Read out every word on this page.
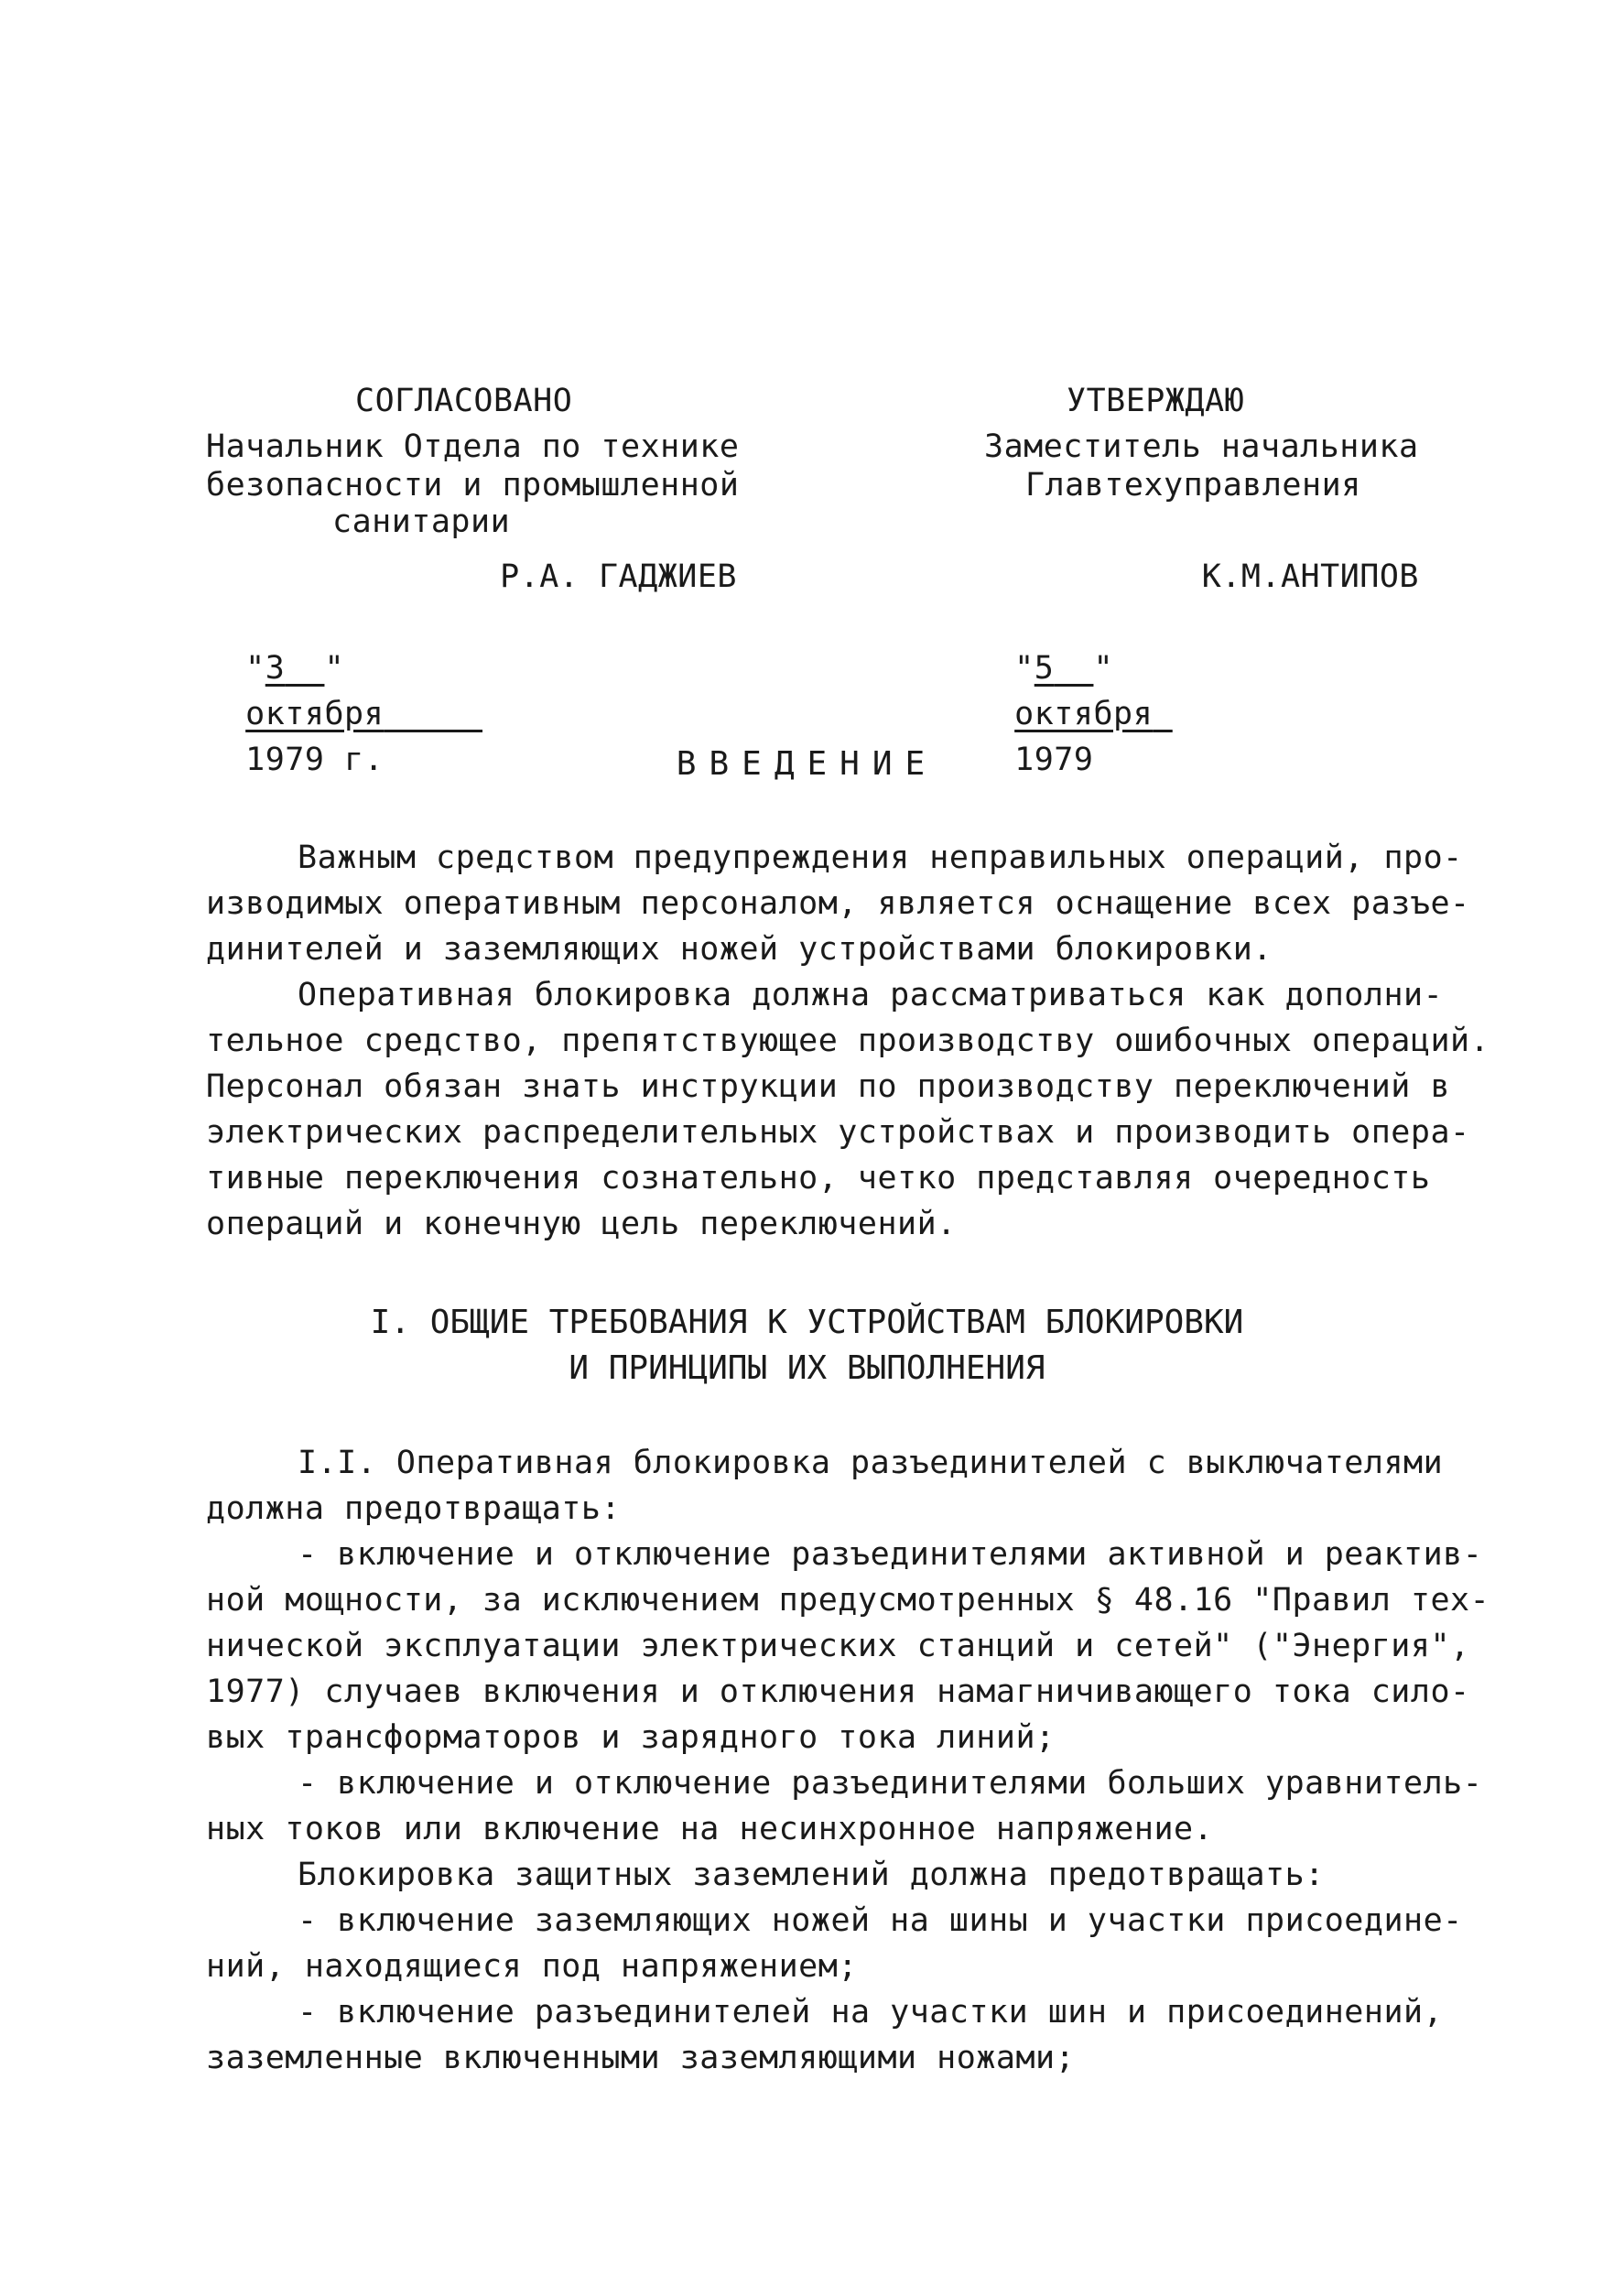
СОГЛАСОВАНО
Начальник Отдела по технике
безопасности и промышленной
санитарии
Р.А. ГАДЖИЕВ

"3 "
октября
1979 г.

УТВЕРЖДАЮ
Заместитель начальника
Главтехуправления
К.М.АНТИПОВ

"5 "
октября
1979

ВВЕДЕНИЕ
Важным средством предупреждения неправильных операций, про-
изводимых оперативным персоналом, является оснащение всех разъе-
динителей и заземляющих ножей устройствами блокировки.
Оперативная блокировка должна рассматриваться как дополни-
тельное средство, препятствующее производству ошибочных операций.
Персонал обязан знать инструкции по производству переключений в
электрических распределительных устройствах и производить опера-
тивные переключения сознательно, четко представляя очередность
операций и конечную цель переключений.
I. ОБЩИЕ ТРЕБОВАНИЯ К УСТРОЙСТВАМ БЛОКИРОВКИ
И ПРИНЦИПЫ ИХ ВЫПОЛНЕНИЯ
I.I. Оперативная блокировка разъединителей с выключателями
должна предотвращать:
- включение и отключение разъединителями активной и реактив-
ной мощности, за исключением предусмотренных § 48.16 "Правил тех-
нической эксплуатации электрических станций и сетей" ("Энергия",
1977) случаев включения и отключения намагничивающего тока сило-
вых трансформаторов и зарядного тока линий;
- включение и отключение разъединителями больших уравнитель-
ных токов или включение на несинхронное напряжение.
Блокировка защитных заземлений должна предотвращать:
- включение заземляющих ножей на шины и участки присоедине-
ний, находящиеся под напряжением;
- включение разъединителей на участки шин и присоединений,
заземленные включенными заземляющими ножами;
